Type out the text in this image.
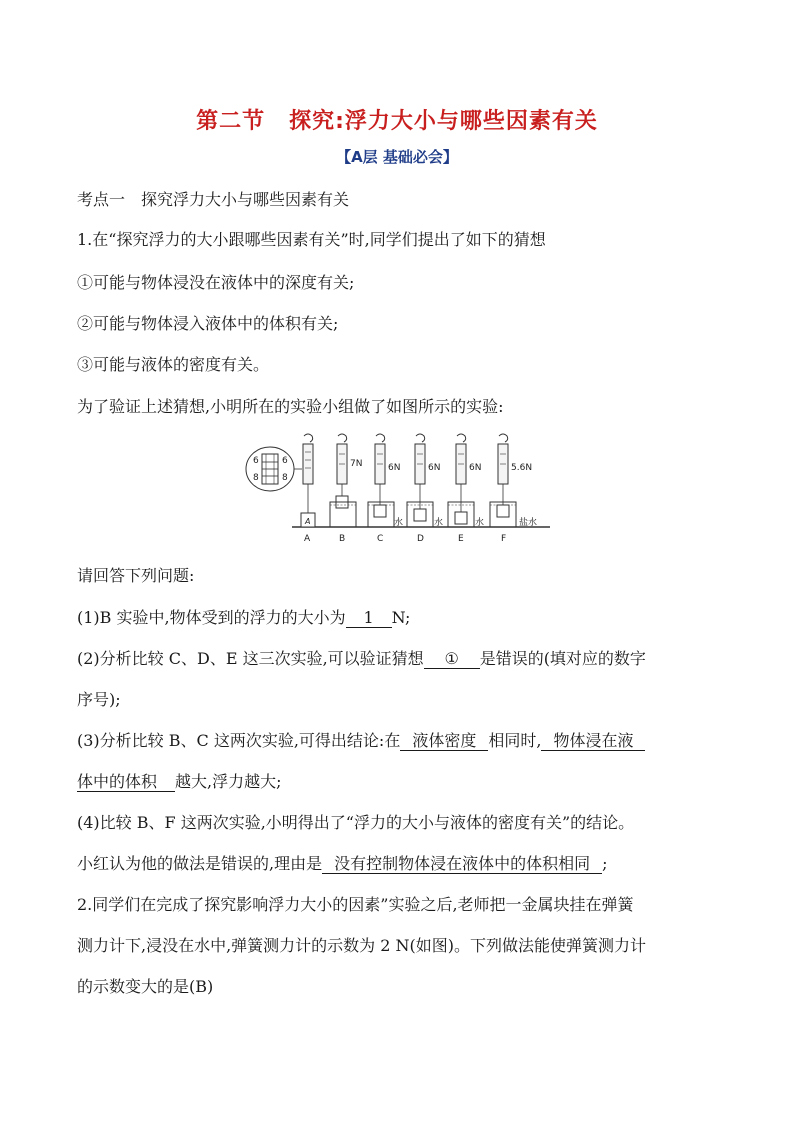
第二节 探究:浮力大小与哪些因素有关
【A层 基础必会】
考点一　探究浮力大小与哪些因素有关
1.在“探究浮力的大小跟哪些因素有关”时,同学们提出了如下的猜想
①可能与物体浸没在液体中的深度有关;
②可能与物体浸入液体中的体积有关;
③可能与液体的密度有关。
为了验证上述猜想,小明所在的实验小组做了如图所示的实验:
6
8
6
8
A
7N	6N
水
6N
水
6N
水
5.6N
盐水
A	B	C	D	E	F
请回答下列问题:
(1)B 实验中,物体受到的浮力的大小为 1 N;
(2)分析比较 C、D、E 这三次实验,可以验证猜想 ① 是错误的(填对应的数字
序号);
(3)分析比较 B、C 这两次实验,可得出结论:在 液体密度 相同时, 物体浸在液
体中的体积 越大,浮力越大;
(4)比较 B、F 这两次实验,小明得出了“浮力的大小与液体的密度有关”的结论。
小红认为他的做法是错误的,理由是 没有控制物体浸在液体中的体积相同 ;
2.同学们在完成了探究影响浮力大小的因素”实验之后,老师把一金属块挂在弹簧
测力计下,浸没在水中,弹簧测力计的示数为 2 N(如图)。下列做法能使弹簧测力计
的示数变大的是(B)
